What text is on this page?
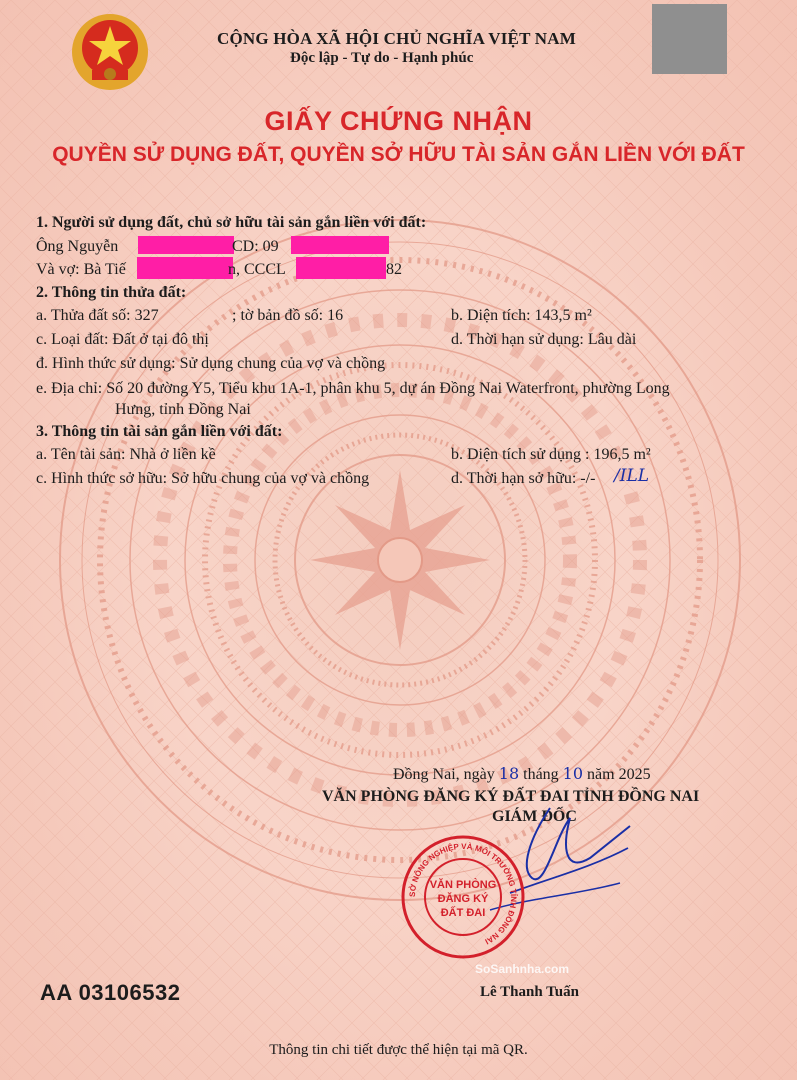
CỘNG HÒA XÃ HỘI CHỦ NGHĨA VIỆT NAM
Độc lập - Tự do - Hạnh phúc
GIẤY CHỨNG NHẬN
QUYỀN SỬ DỤNG ĐẤT, QUYỀN SỞ HỮU TÀI SẢN GẮN LIỀN VỚI ĐẤT
1. Người sử dụng đất, chủ sở hữu tài sản gắn liền với đất:
Ông Nguyễn	CD: 09
Và vợ: Bà Tiế	n, CCCL	82
2. Thông tin thửa đất:
a. Thửa đất số: 327	; tờ bản đồ số: 16	b. Diện tích: 143,5 m²
c. Loại đất: Đất ở tại đô thị	d. Thời hạn sử dụng: Lâu dài
đ. Hình thức sử dụng: Sử dụng chung của vợ và chồng
e. Địa chỉ: Số 20 đường Y5, Tiểu khu 1A-1, phân khu 5, dự án Đồng Nai Waterfront, phường Long
Hưng, tỉnh Đồng Nai
3. Thông tin tài sản gắn liền với đất:
a. Tên tài sản: Nhà ở liền kề	b. Diện tích sử dụng : 196,5 m²
c. Hình thức sở hữu: Sở hữu chung của vợ và chồng	d. Thời hạn sở hữu: -/- /ILL
Đồng Nai, ngày 18 tháng 10 năm 2025
VĂN PHÒNG ĐĂNG KÝ ĐẤT ĐAI TỈNH ĐỒNG NAI
GIÁM ĐỐC
SỞ NÔNG NGHIỆP VÀ MÔI TRƯỜNG TỈNH ĐỒNG NAI
VĂN PHÒNG
ĐĂNG KÝ
ĐẤT ĐAI
SoSanhnha.com
AA 03106532	Lê Thanh Tuấn
Thông tin chi tiết được thể hiện tại mã QR.
